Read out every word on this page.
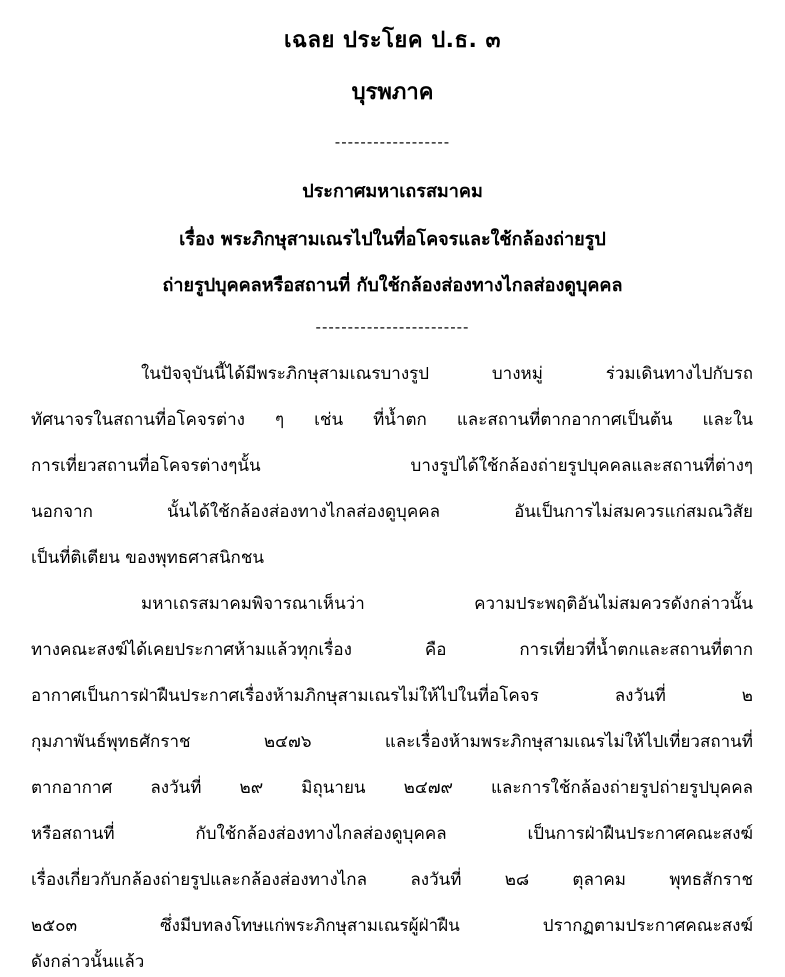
เฉลย ประโยค ป.ธ. ๓
บุรพภาค
------------------
ประกาศมหาเถรสมาคม
เรื่อง พระภิกษุสามเณรไปในที่อโคจรและใช้กล้องถ่ายรูป
ถ่ายรูปบุคคลหรือสถานที่ กับใช้กล้องส่องทางไกลส่องดูบุคคล
------------------------
ในปัจจุบันนี้ได้มีพระภิกษุสามเณรบางรูป บางหมู่ ร่วมเดินทางไปกับรถ
ทัศนาจรในสถานที่อโคจรต่าง ๆ เช่น ที่น้ำตก และสถานที่ตากอากาศเป็นต้น และใน
การเที่ยวสถานที่อโคจรต่างๆนั้น บางรูปได้ใช้กล้องถ่ายรูปบุคคลและสถานที่ต่างๆ
นอกจาก นั้นได้ใช้กล้องส่องทางไกลส่องดูบุคคล อันเป็นการไม่สมควรแก่สมณวิสัย
เป็นที่ติเตียน ของพุทธศาสนิกชน
มหาเถรสมาคมพิจารณาเห็นว่า ความประพฤติอันไม่สมควรดังกล่าวนั้น
ทางคณะสงฆ์ได้เคยประกาศห้ามแล้วทุกเรื่อง คือ การเที่ยวที่น้ำตกและสถานที่ตาก
อากาศเป็นการฝ่าฝืนประกาศเรื่องห้ามภิกษุสามเณรไม่ให้ไปในที่อโคจร ลงวันที่ ๒
กุมภาพันธ์พุทธศักราช ๒๔๗๖ และเรื่องห้ามพระภิกษุสามเณรไม่ให้ไปเที่ยวสถานที่
ตากอากาศ ลงวันที่ ๒๙ มิถุนายน ๒๔๗๙ และการใช้กล้องถ่ายรูปถ่ายรูปบุคคล
หรือสถานที่ กับใช้กล้องส่องทางไกลส่องดูบุคคล เป็นการฝ่าฝืนประกาศคณะสงฆ์
เรื่องเกี่ยวกับกล้องถ่ายรูปและกล้องส่องทางไกล ลงวันที่ ๒๘ ตุลาคม พุทธสักราช
๒๕๐๓ ซึ่งมีบทลงโทษแก่พระภิกษุสามเณรผู้ฝ่าฝืน ปรากฏตามประกาศคณะสงฆ์
ดังกล่าวนั้นแล้ว
